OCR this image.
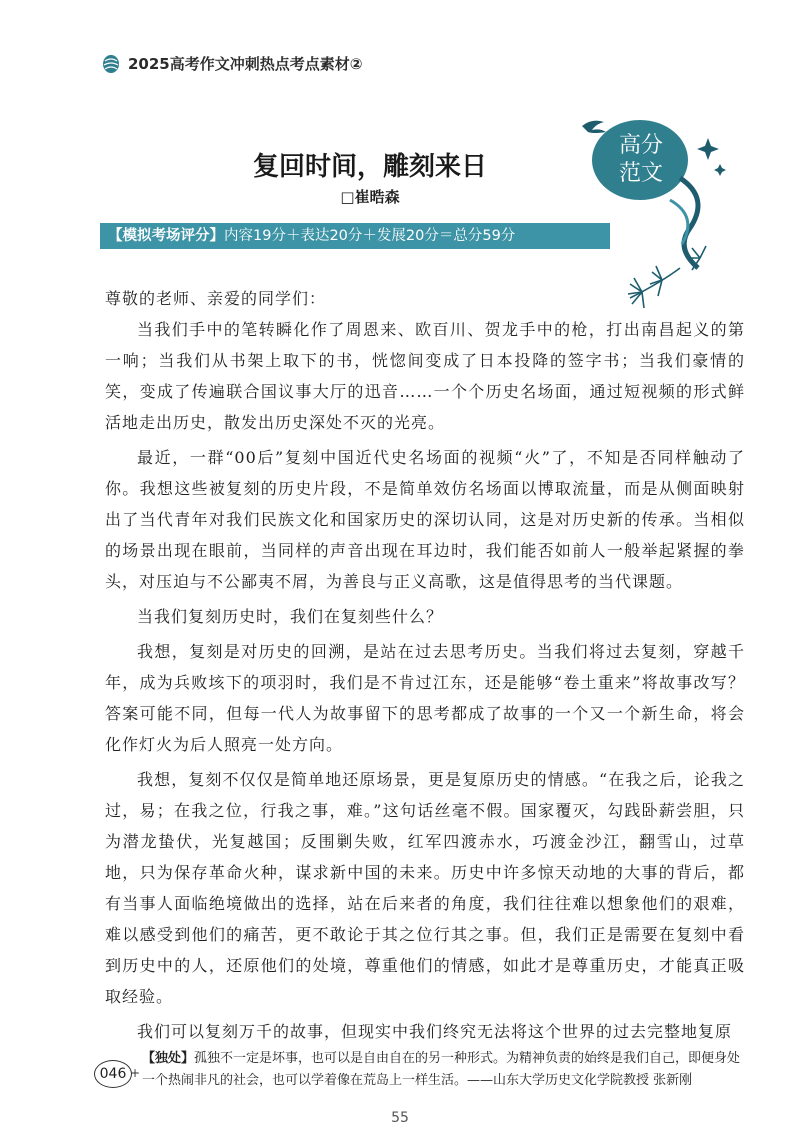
2025高考作文冲刺热点考点素材②
高分
范文
复回时间，雕刻来日
□崔晧森
【模拟考场评分】内容19分＋表达20分＋发展20分＝总分59分

尊敬的老师、亲爱的同学们：

当我们手中的笔转瞬化作了周恩来、欧百川、贺龙手中的枪，打出南昌起义的第一响；当我们从书架上取下的书，恍惚间变成了日本投降的签字书；当我们豪情的笑，变成了传遍联合国议事大厅的迅音……一个个历史名场面，通过短视频的形式鲜活地走出历史，散发出历史深处不灭的光亮。

最近，一群“00后”复刻中国近代史名场面的视频“火”了，不知是否同样触动了你。我想这些被复刻的历史片段，不是简单效仿名场面以博取流量，而是从侧面映射出了当代青年对我们民族文化和国家历史的深切认同，这是对历史新的传承。当相似的场景出现在眼前，当同样的声音出现在耳边时，我们能否如前人一般举起紧握的拳头，对压迫与不公鄙夷不屑，为善良与正义高歌，这是值得思考的当代课题。

当我们复刻历史时，我们在复刻些什么？

我想，复刻是对历史的回溯，是站在过去思考历史。当我们将过去复刻，穿越千年，成为兵败垓下的项羽时，我们是不肯过江东，还是能够“卷土重来”将故事改写？答案可能不同，但每一代人为故事留下的思考都成了故事的一个又一个新生命，将会化作灯火为后人照亮一处方向。

我想，复刻不仅仅是简单地还原场景，更是复原历史的情感。“在我之后，论我之过，易；在我之位，行我之事，难。”这句话丝毫不假。国家覆灭，勾践卧薪尝胆，只为潜龙蛰伏，光复越国；反围剿失败，红军四渡赤水，巧渡金沙江，翻雪山，过草地，只为保存革命火种，谋求新中国的未来。历史中许多惊天动地的大事的背后，都有当事人面临绝境做出的选择，站在后来者的角度，我们往往难以想象他们的艰难，难以感受到他们的痛苦，更不敢论于其之位行其之事。但，我们正是需要在复刻中看到历史中的人，还原他们的处境，尊重他们的情感，如此才是尊重历史，才能真正吸取经验。

我们可以复刻万千的故事，但现实中我们终究无法将这个世界的过去完整地复原

046 +
【独处】孤独不一定是坏事，也可以是自由自在的另一种形式。为精神负责的始终是我们自己，即便身处一个热闹非凡的社会，也可以学着像在荒岛上一样生活。——山东大学历史文化学院教授 张新刚
55
